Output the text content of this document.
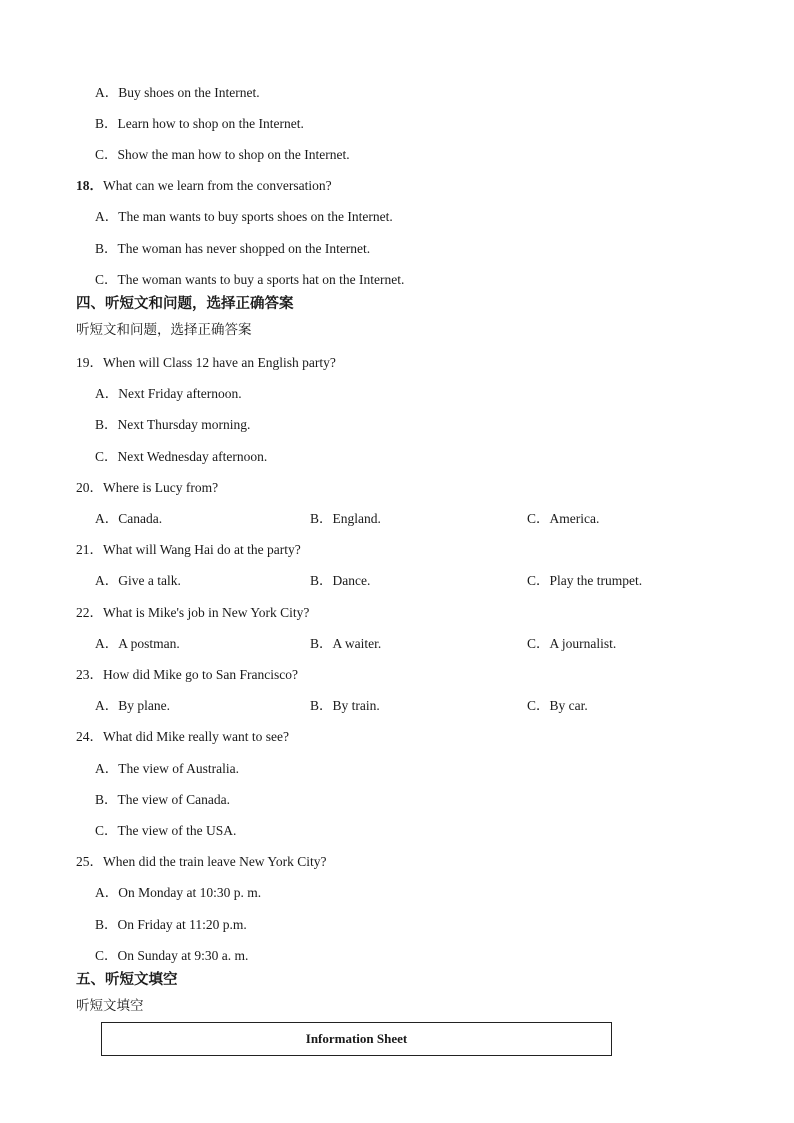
A．Buy shoes on the Internet.
B．Learn how to shop on the Internet.
C．Show the man how to shop on the Internet.
18．What can we learn from the conversation?
A．The man wants to buy sports shoes on the Internet.
B．The woman has never shopped on the Internet.
C．The woman wants to buy a sports hat on the Internet.
四、听短文和问题，选择正确答案
听短文和问题，选择正确答案
19．When will Class 12 have an English party?
A．Next Friday afternoon.
B．Next Thursday morning.
C．Next Wednesday afternoon.
20．Where is Lucy from?
A．Canada.	B．England.	C．America.
21．What will Wang Hai do at the party?
A．Give a talk.	B．Dance.	C．Play the trumpet.
22．What is Mike's job in New York City?
A．A postman.	B．A waiter.	C．A journalist.
23．How did Mike go to San Francisco?
A．By plane.	B．By train.	C．By car.
24．What did Mike really want to see?
A．The view of Australia.
B．The view of Canada.
C．The view of the USA.
25．When did the train leave New York City?
A．On Monday at 10:30 p. m.
B．On Friday at 11:20 p.m.
C．On Sunday at 9:30 a. m.
五、听短文填空
听短文填空
Information Sheet
